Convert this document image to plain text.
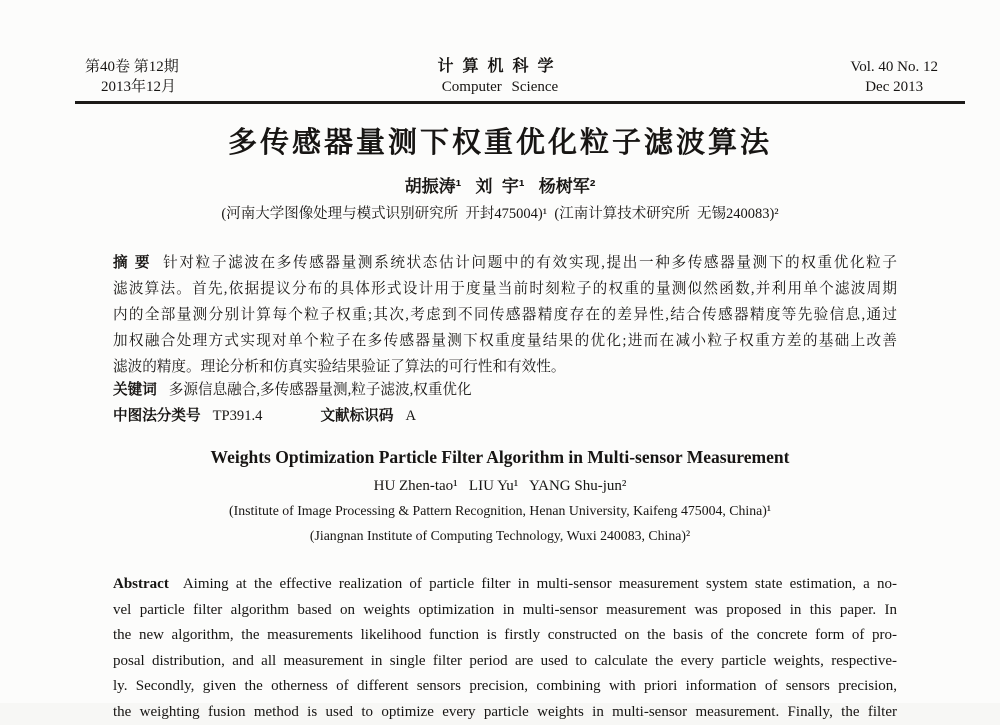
第40卷 第12期
2013年12月
计算机科学
Computer Science
Vol. 40 No. 12
Dec 2013
多传感器量测下权重优化粒子滤波算法
胡振涛¹   刘  宇¹   杨树军²
(河南大学图像处理与模式识别研究所  开封475004)¹  (江南计算技术研究所  无锡240083)²
摘 要 针对粒子滤波在多传感器量测系统状态估计问题中的有效实现,提出一种多传感器量测下的权重优化粒子
滤波算法。首先,依据提议分布的具体形式设计用于度量当前时刻粒子的权重的量测似然函数,并利用单个滤波周期
内的全部量测分别计算每个粒子权重;其次,考虑到不同传感器精度存在的差异性,结合传感器精度等先验信息,通过
加权融合处理方式实现对单个粒子在多传感器量测下权重度量结果的优化;进而在减小粒子权重方差的基础上改善
滤波的精度。理论分析和仿真实验结果验证了算法的可行性和有效性。
关键词 多源信息融合,多传感器量测,粒子滤波,权重优化
中图法分类号 TP391.4	文献标识码 A
Weights Optimization Particle Filter Algorithm in Multi-sensor Measurement
HU Zhen-tao¹   LIU Yu¹   YANG Shu-jun²
(Institute of Image Processing & Pattern Recognition, Henan University, Kaifeng 475004, China)¹
(Jiangnan Institute of Computing Technology, Wuxi 240083, China)²
Abstract Aiming at the effective realization of particle filter in multi-sensor measurement system state estimation, a no-
vel particle filter algorithm based on weights optimization in multi-sensor measurement was proposed in this paper. In
the new algorithm, the measurements likelihood function is firstly constructed on the basis of the concrete form of pro-
posal distribution, and all measurement in single filter period are used to calculate the every particle weights, respective-
ly. Secondly, given the otherness of different sensors precision, combining with priori information of sensors precision,
the weighting fusion method is used to optimize every particle weights in multi-sensor measurement. Finally, the filter
